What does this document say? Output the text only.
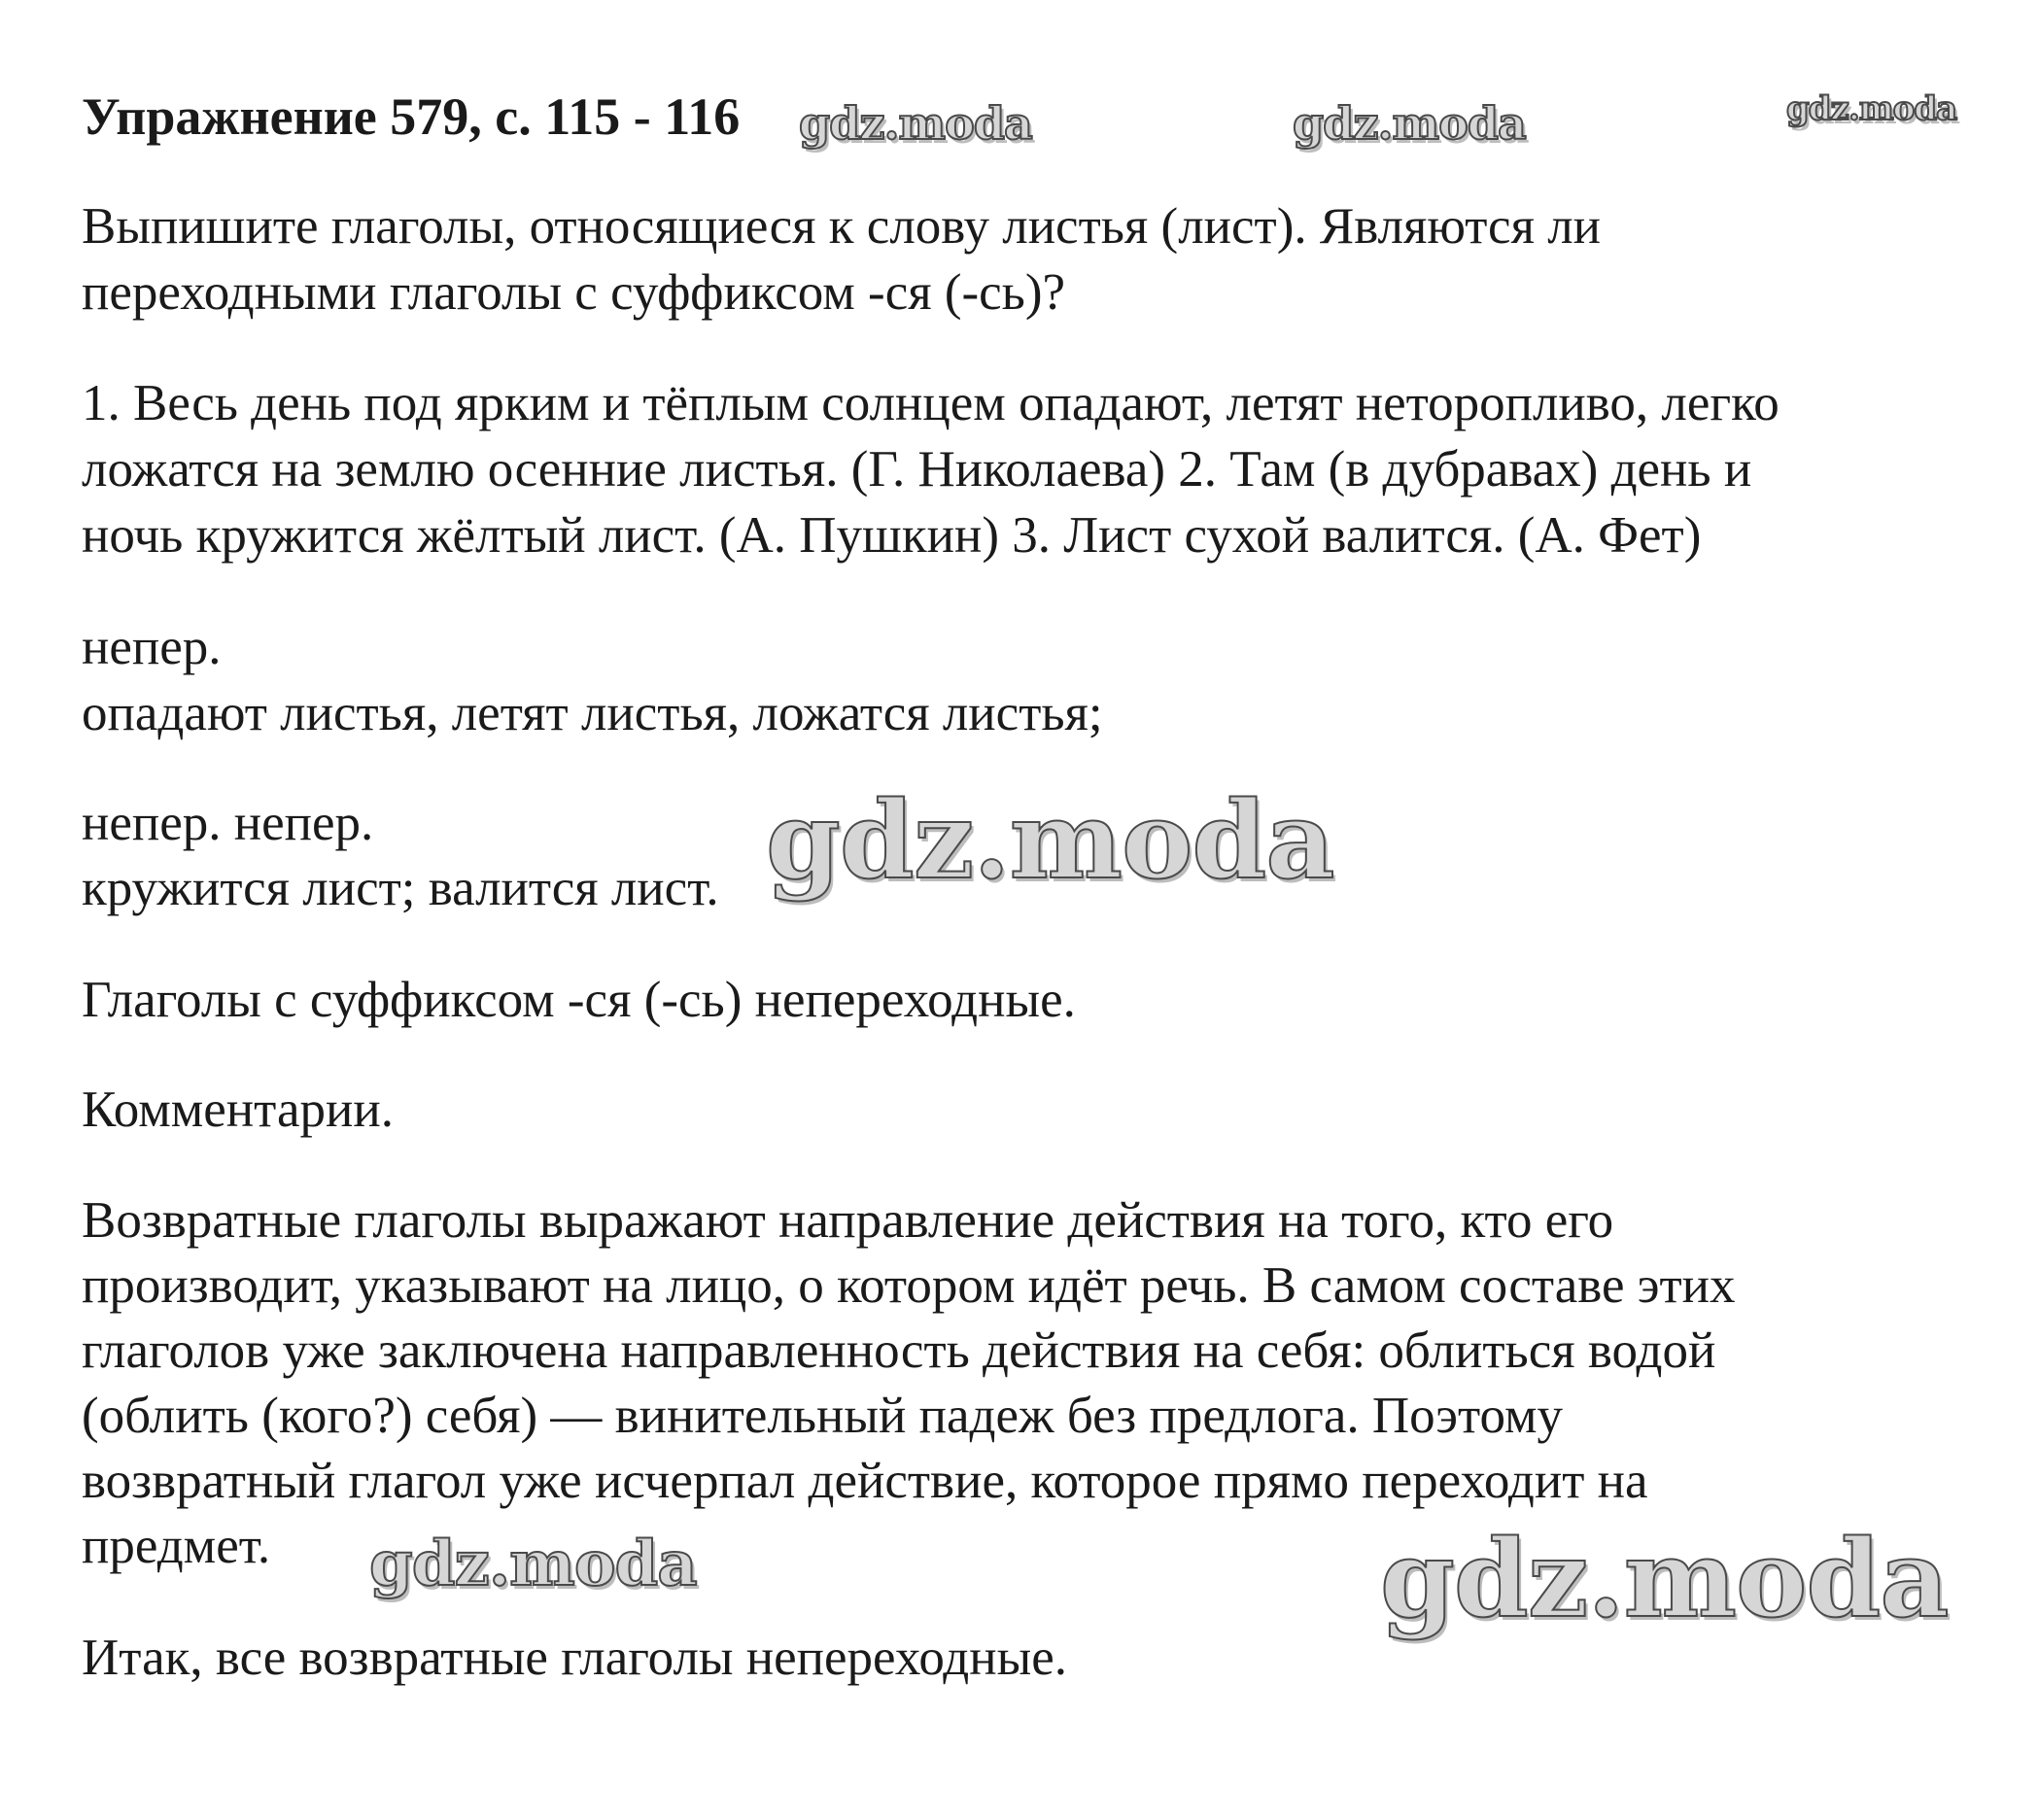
Упражнение 579, с. 115 - 116
Выпишите глаголы, относящиеся к слову листья (лист). Являются ли
переходными глаголы с суффиксом -ся (-сь)?
1. Весь день под ярким и тёплым солнцем опадают, летят неторопливо, легко
ложатся на землю осенние листья. (Г. Николаева) 2. Там (в дубравах) день и
ночь кружится жёлтый лист. (А. Пушкин) 3. Лист сухой валится. (А. Фет)
непер.
опадают листья, летят листья, ложатся листья;
непер. непер.
кружится лист; валится лист.
Глаголы с суффиксом -ся (-сь) непереходные.
Комментарии.
Возвратные глаголы выражают направление действия на того, кто его
производит, указывают на лицо, о котором идёт речь. В самом составе этих
глаголов уже заключена направленность действия на себя: облиться водой
(облить (кого?) себя) — винительный падеж без предлога. Поэтому
возвратный глагол уже исчерпал действие, которое прямо переходит на
предмет.
Итак, все возвратные глаголы непереходные.
gdz.moda	gdz.moda	gdz.moda
gdz.moda
gdz.moda	gdz.moda
